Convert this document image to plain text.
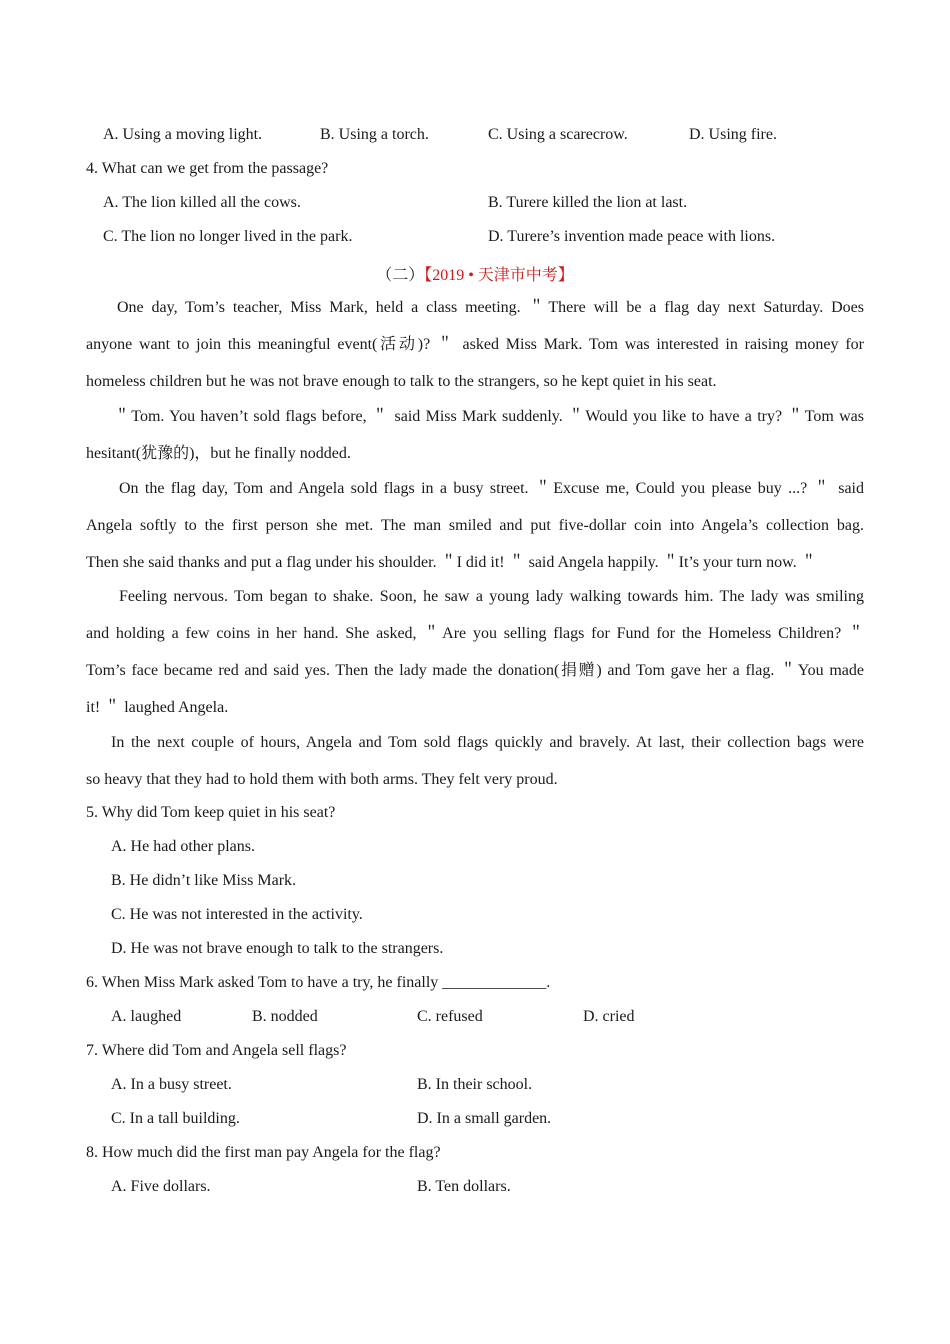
A. Using a moving light.	B. Using a torch.	C. Using a scarecrow.	D. Using fire.
4. What can we get from the passage?
A. The lion killed all the cows.	B. Turere killed the lion at last.
C. The lion no longer lived in the park.	D. Turere’s invention made peace with lions.
（二）【2019 • 天津市中考】
One day, Tom’s teacher, Miss Mark, held a class meeting. ＂There will be a flag day next Saturday. Does
anyone want to join this meaningful event(活动)? ＂ asked Miss Mark. Tom was interested in raising money for
homeless children but he was not brave enough to talk to the strangers, so he kept quiet in his seat.
＂Tom. You haven’t sold flags before, ＂ said Miss Mark suddenly. ＂Would you like to have a try? ＂Tom was
hesitant(犹豫的)，but he finally nodded.
On the flag day, Tom and Angela sold flags in a busy street. ＂Excuse me, Could you please buy ...? ＂ said
Angela softly to the first person she met. The man smiled and put five-dollar coin into Angela’s collection bag.
Then she said thanks and put a flag under his shoulder. ＂I did it! ＂ said Angela happily. ＂It’s your turn now. ＂
Feeling nervous. Tom began to shake. Soon, he saw a young lady walking towards him. The lady was smiling
and holding a few coins in her hand. She asked, ＂Are you selling flags for Fund for the Homeless Children? ＂
Tom’s face became red and said yes. Then the lady made the donation(捐赠) and Tom gave her a flag. ＂You made
it! ＂ laughed Angela.
In the next couple of hours, Angela and Tom sold flags quickly and bravely. At last, their collection bags were
so heavy that they had to hold them with both arms. They felt very proud.
5. Why did Tom keep quiet in his seat?
A. He had other plans.
B. He didn’t like Miss Mark.
C. He was not interested in the activity.
D. He was not brave enough to talk to the strangers.
6. When Miss Mark asked Tom to have a try, he finally _____________.
A. laughed	B. nodded	C. refused	D. cried
7. Where did Tom and Angela sell flags?
A. In a busy street.	B. In their school.
C. In a tall building.	D. In a small garden.
8. How much did the first man pay Angela for the flag?
A. Five dollars.	B. Ten dollars.
